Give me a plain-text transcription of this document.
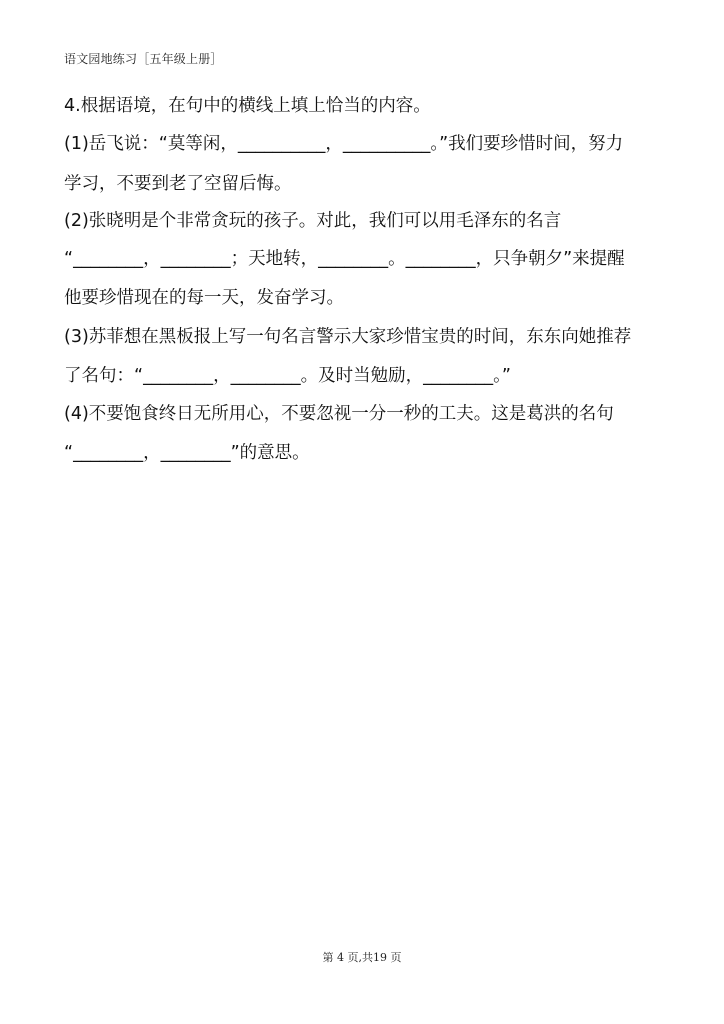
语文园地练习［五年级上册］
4.根据语境，在句中的横线上填上恰当的内容。
(1)岳飞说：“莫等闲，__________，__________。”我们要珍惜时间，努力
学习，不要到老了空留后悔。
(2)张晓明是个非常贪玩的孩子。对此，我们可以用毛泽东的名言
“________，________；天地转，________。________，只争朝夕”来提醒
他要珍惜现在的每一天，发奋学习。
(3)苏菲想在黑板报上写一句名言警示大家珍惜宝贵的时间，东东向她推荐
了名句：“________，________。及时当勉励，________。”
(4)不要饱食终日无所用心，不要忽视一分一秒的工夫。这是葛洪的名句
“________，________”的意思。
第 4 页,共19 页
